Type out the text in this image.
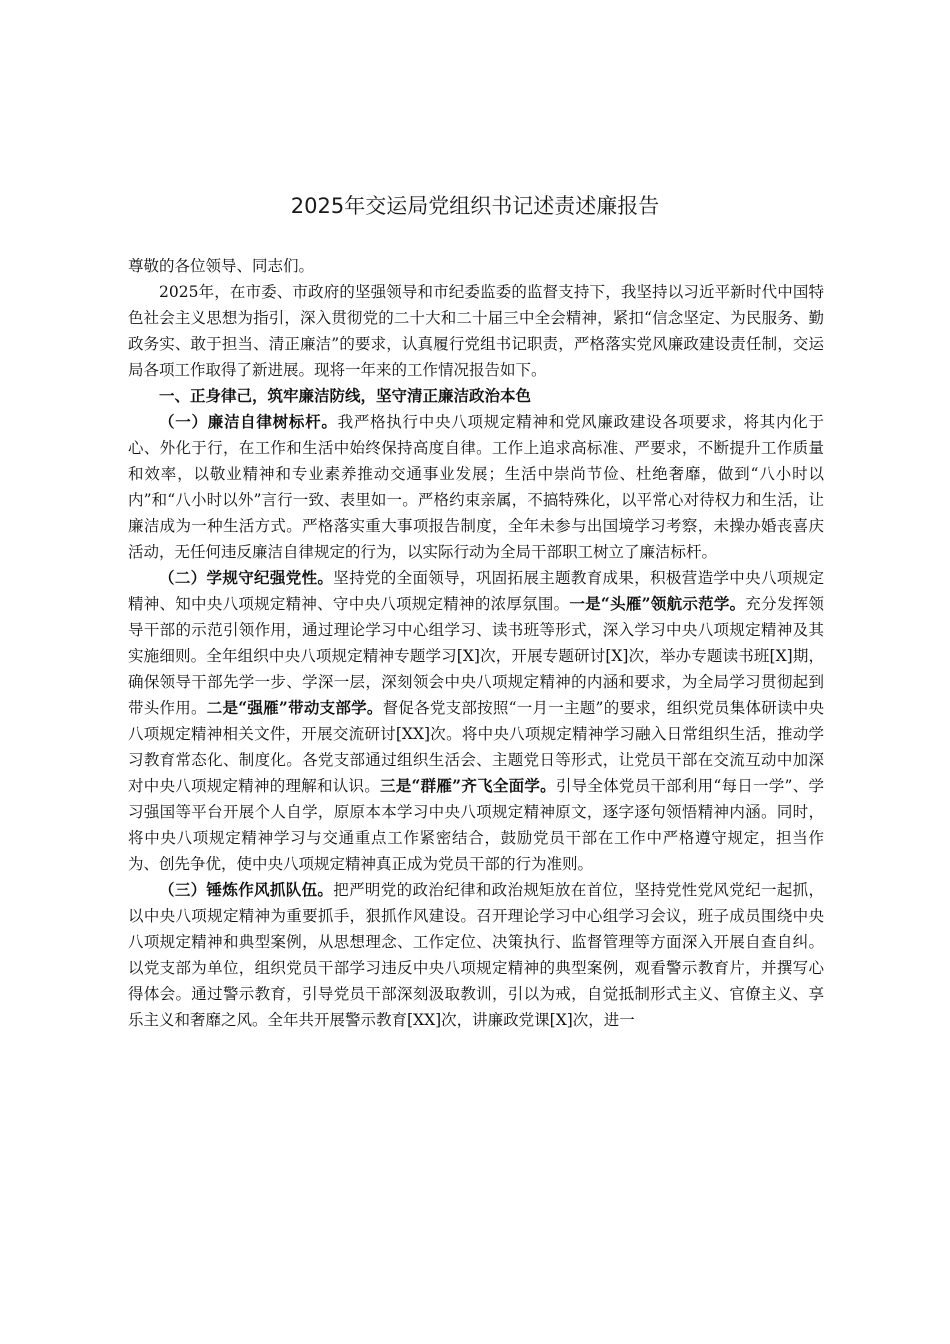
2025年交运局党组织书记述责述廉报告

尊敬的各位领导、同志们。

2025年，在市委、市政府的坚强领导和市纪委监委的监督支持下，我坚持以习近平新时代中国特色社会主义思想为指引，深入贯彻党的二十大和二十届三中全会精神，紧扣“信念坚定、为民服务、勤政务实、敢于担当、清正廉洁”的要求，认真履行党组书记职责，严格落实党风廉政建设责任制，交运局各项工作取得了新进展。现将一年来的工作情况报告如下。

一、正身律己，筑牢廉洁防线，坚守清正廉洁政治本色

（一）廉洁自律树标杆。我严格执行中央八项规定精神和党风廉政建设各项要求，将其内化于心、外化于行，在工作和生活中始终保持高度自律。工作上追求高标准、严要求，不断提升工作质量和效率，以敬业精神和专业素养推动交通事业发展；生活中崇尚节俭、杜绝奢靡，做到“八小时以内”和“八小时以外”言行一致、表里如一。严格约束亲属，不搞特殊化，以平常心对待权力和生活，让廉洁成为一种生活方式。严格落实重大事项报告制度，全年未参与出国境学习考察，未操办婚丧喜庆活动，无任何违反廉洁自律规定的行为，以实际行动为全局干部职工树立了廉洁标杆。

（二）学规守纪强党性。坚持党的全面领导，巩固拓展主题教育成果，积极营造学中央八项规定精神、知中央八项规定精神、守中央八项规定精神的浓厚氛围。一是“头雁”领航示范学。充分发挥领导干部的示范引领作用，通过理论学习中心组学习、读书班等形式，深入学习中央八项规定精神及其实施细则。全年组织中央八项规定精神专题学习[X]次，开展专题研讨[X]次，举办专题读书班[X]期，确保领导干部先学一步、学深一层，深刻领会中央八项规定精神的内涵和要求，为全局学习贯彻起到带头作用。二是“强雁”带动支部学。督促各党支部按照“一月一主题”的要求，组织党员集体研读中央八项规定精神相关文件，开展交流研讨[XX]次。将中央八项规定精神学习融入日常组织生活，推动学习教育常态化、制度化。各党支部通过组织生活会、主题党日等形式，让党员干部在交流互动中加深对中央八项规定精神的理解和认识。三是“群雁”齐飞全面学。引导全体党员干部利用“每日一学”、学习强国等平台开展个人自学，原原本本学习中央八项规定精神原文，逐字逐句领悟精神内涵。同时，将中央八项规定精神学习与交通重点工作紧密结合，鼓励党员干部在工作中严格遵守规定，担当作为、创先争优，使中央八项规定精神真正成为党员干部的行为准则。

（三）锤炼作风抓队伍。把严明党的政治纪律和政治规矩放在首位，坚持党性党风党纪一起抓，以中央八项规定精神为重要抓手，狠抓作风建设。召开理论学习中心组学习会议，班子成员围绕中央八项规定精神和典型案例，从思想理念、工作定位、决策执行、监督管理等方面深入开展自查自纠。以党支部为单位，组织党员干部学习违反中央八项规定精神的典型案例，观看警示教育片，并撰写心得体会。通过警示教育，引导党员干部深刻汲取教训，引以为戒，自觉抵制形式主义、官僚主义、享乐主义和奢靡之风。全年共开展警示教育[XX]次，讲廉政党课[X]次，进一
